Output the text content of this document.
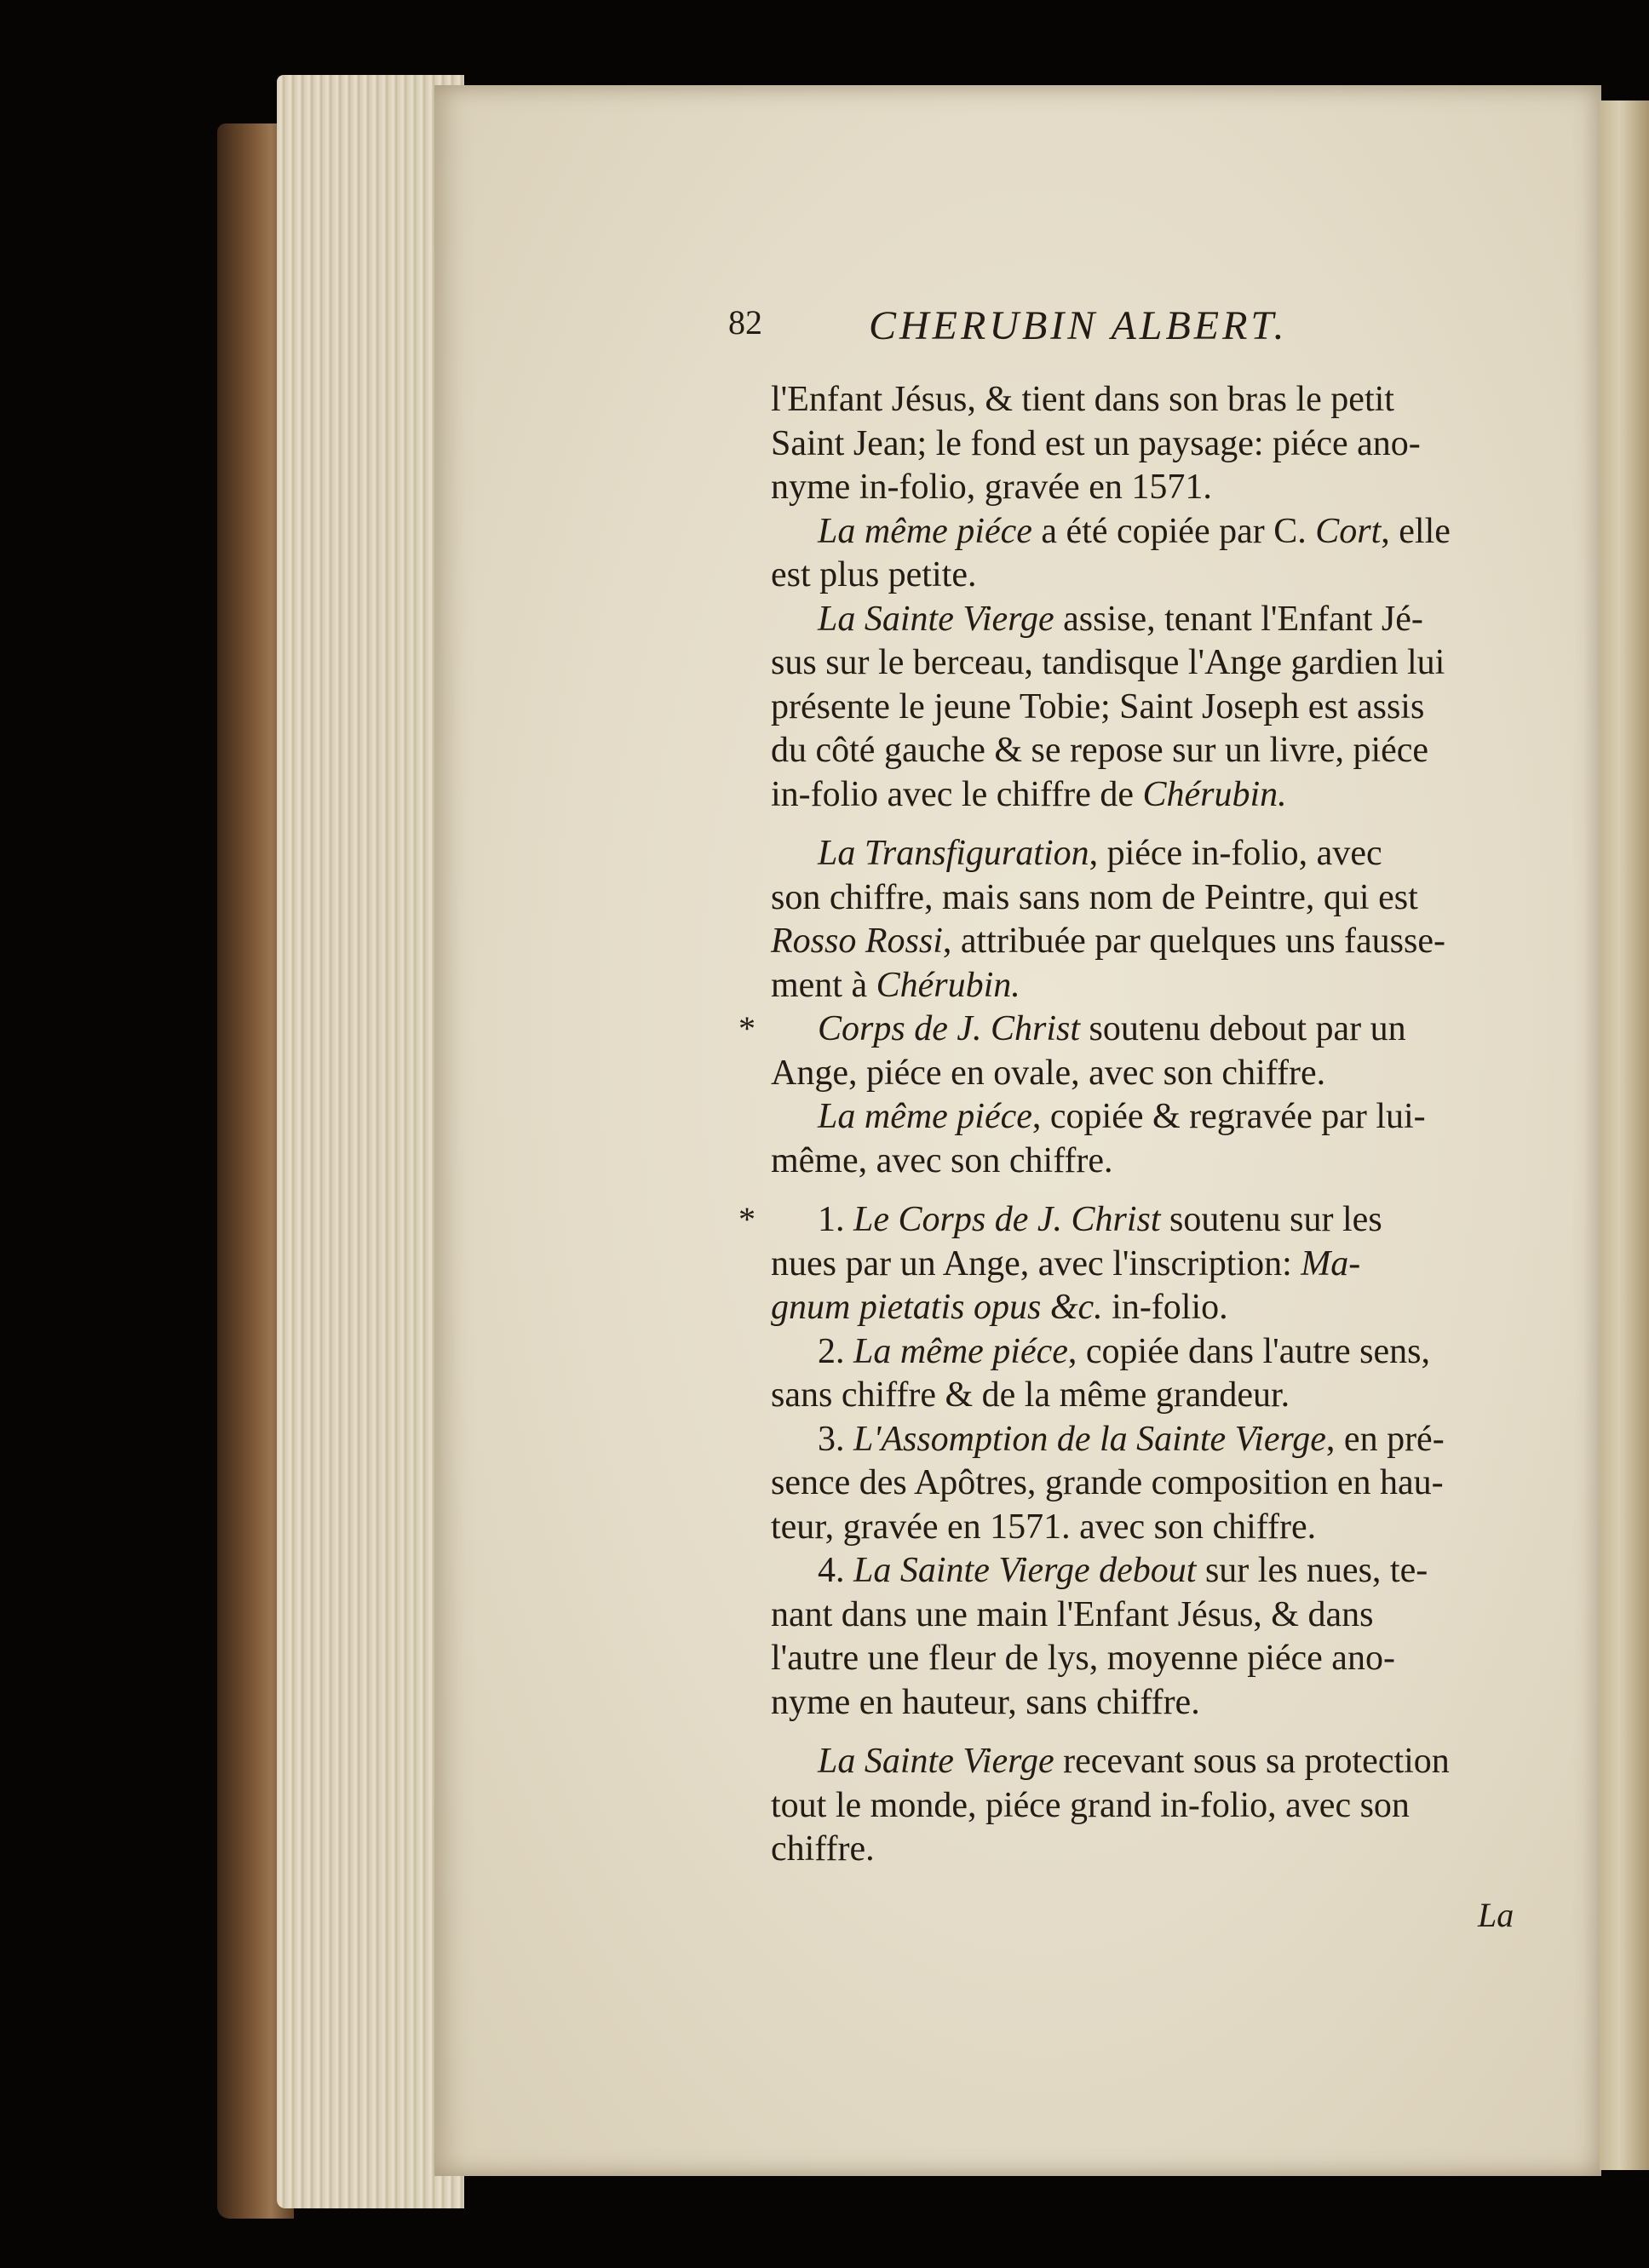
82	CHERUBIN ALBERT.
l'Enfant Jésus, & tient dans son bras le petit
Saint Jean; le fond est un paysage: piéce ano-
nyme in-folio, gravée en 1571.
La même piéce a été copiée par C. Cort, elle
est plus petite.
La Sainte Vierge assise, tenant l'Enfant Jé-
sus sur le berceau, tandisque l'Ange gardien lui
présente le jeune Tobie; Saint Joseph est assis
du côté gauche & se repose sur un livre, piéce
in-folio avec le chiffre de Chérubin.
La Transfiguration, piéce in-folio, avec
son chiffre, mais sans nom de Peintre, qui est
Rosso Rossi, attribuée par quelques uns fausse-
ment à Chérubin.
* Corps de J. Christ soutenu debout par un
Ange, piéce en ovale, avec son chiffre.
La même piéce, copiée & regravée par lui-
même, avec son chiffre.
* 1. Le Corps de J. Christ soutenu sur les
nues par un Ange, avec l'inscription: Ma-
gnum pietatis opus &c. in-folio.
2. La même piéce, copiée dans l'autre sens,
sans chiffre & de la même grandeur.
3. L'Assomption de la Sainte Vierge, en pré-
sence des Apôtres, grande composition en hau-
teur, gravée en 1571. avec son chiffre.
4. La Sainte Vierge debout sur les nues, te-
nant dans une main l'Enfant Jésus, & dans
l'autre une fleur de lys, moyenne piéce ano-
nyme en hauteur, sans chiffre.
La Sainte Vierge recevant sous sa protection
tout le monde, piéce grand in-folio, avec son
chiffre.
La
